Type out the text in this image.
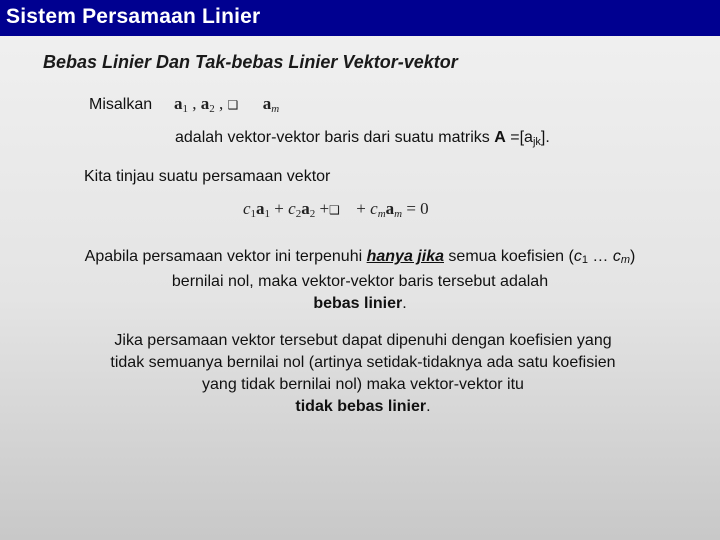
Sistem Persamaan Linier
Bebas Linier Dan Tak-bebas Linier Vektor-vektor
Misalkan $a_1$ , $a_2$ , ❑ $a_m$
adalah vektor-vektor baris dari suatu matriks $A =[a_{jk}]$.
Kita tinjau suatu persamaan vektor
$c_1a_1 + c_2a_2$ +❑ + $c_ma_m = 0$
Apabila persamaan vektor ini terpenuhi hanya jika semua koefisien ($c_1$ … $c_m$) bernilai nol, maka vektor-vektor baris tersebut adalah
bebas linier.
Jika persamaan vektor tersebut dapat dipenuhi dengan koefisien yang tidak semuanya bernilai nol (artinya setidak-tidaknya ada satu koefisien yang tidak bernilai nol) maka vektor-vektor itu
tidak bebas linier.
